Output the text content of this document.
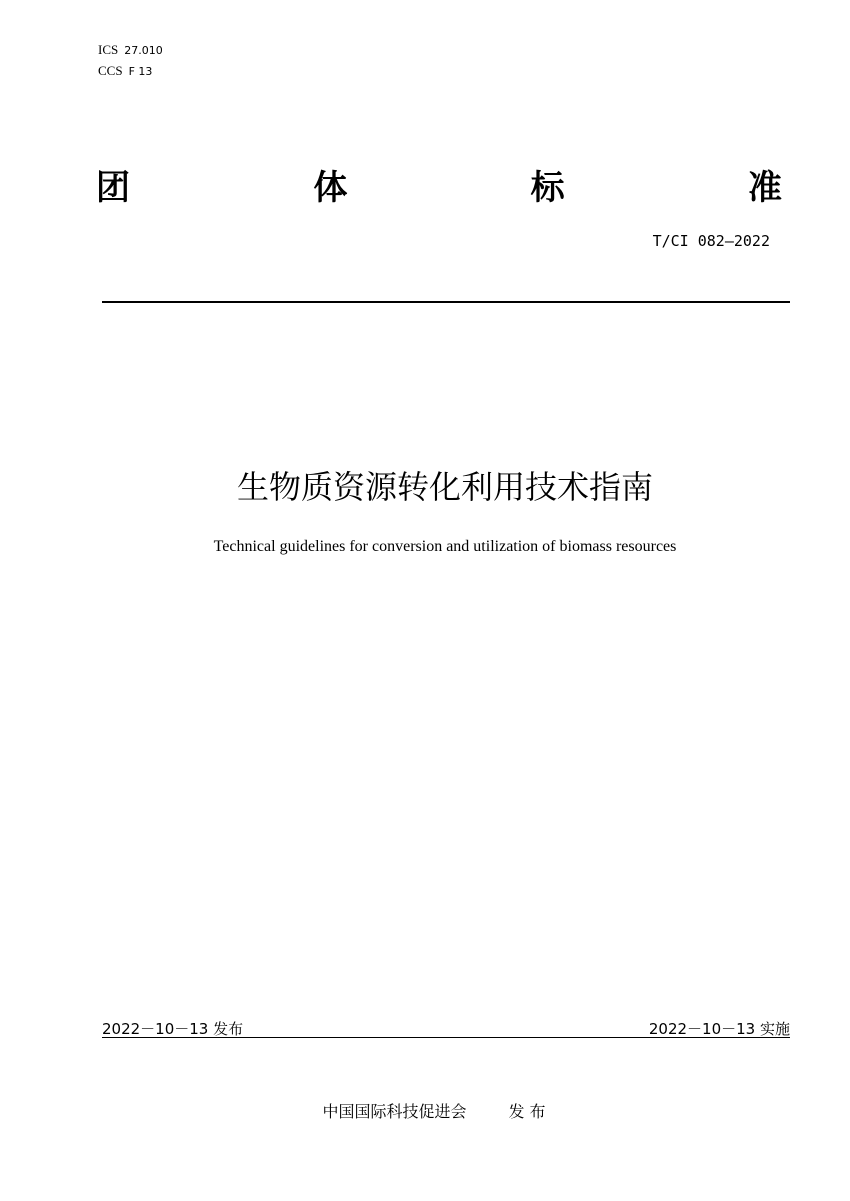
ICS 27.010
CCS F 13
团	体	标	准
T/CI 082—2022
生物质资源转化利用技术指南
Technical guidelines for conversion and utilization of biomass resources
2022－10－13 发布	2022－10－13 实施
中国国际科技促进会	发 布
